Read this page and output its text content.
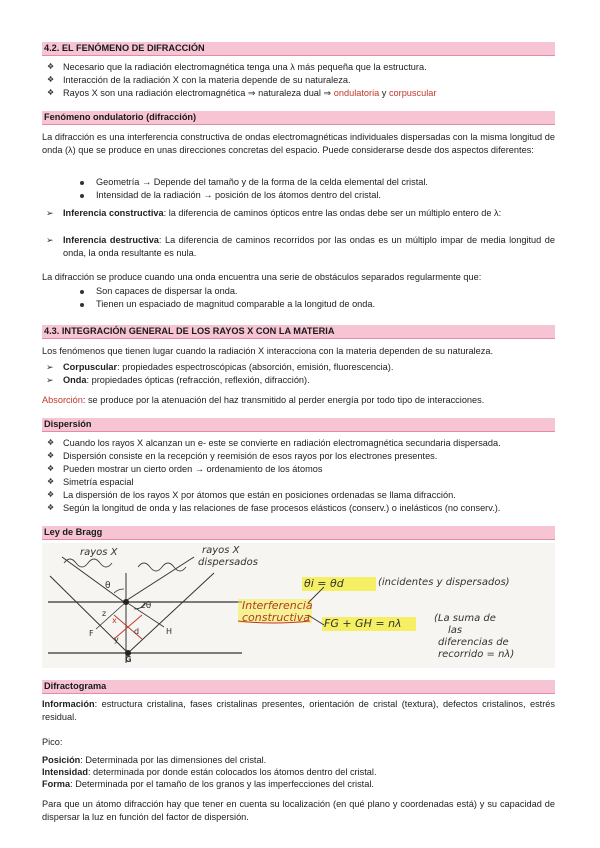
4.2. EL FENÓMENO DE DIFRACCIÓN
❖ Necesario que la radiación electromagnética tenga una λ más pequeña que la estructura.
❖ Interacción de la radiación X con la materia depende de su naturaleza.
❖ Rayos X son una radiación electromagnética ⇒ naturaleza dual ⇒ ondulatoria y corpuscular
Fenómeno ondulatorio (difracción)
La difracción es una interferencia constructiva de ondas electromagnéticas individuales dispersadas con la misma longitud de onda (λ) que se produce en unas direcciones concretas del espacio. Puede considerarse desde dos aspectos diferentes:
Geometría → Depende del tamaño y de la forma de la celda elemental del cristal.
Intensidad de la radiación → posición de los átomos dentro del cristal.
➢ Inferencia constructiva: la diferencia de caminos ópticos entre las ondas debe ser un múltiplo entero de λ:
➢ Inferencia destructiva: La diferencia de caminos recorridos por las ondas es un múltiplo impar de media longitud de onda, la onda resultante es nula.
La difracción se produce cuando una onda encuentra una serie de obstáculos separados regularmente que:
Son capaces de dispersar la onda.
Tienen un espaciado de magnitud comparable a la longitud de onda.
4.3. INTEGRACIÓN GENERAL DE LOS RAYOS X CON LA MATERIA
Los fenómenos que tienen lugar cuando la radiación X interacciona con la materia dependen de su naturaleza.
➢ Corpuscular: propiedades espectroscópicas (absorción, emisión, fluorescencia).
➢ Onda: propiedades ópticas (refracción, reflexión, difracción).
Absorción: se produce por la atenuación del haz transmitido al perder energía por todo tipo de interacciones.
Dispersión
❖ Cuando los rayos X alcanzan un e- este se convierte en radiación electromagnética secundaria dispersada.
❖ Dispersión consiste en la recepción y reemisión de esos rayos por los electrones presentes.
❖ Pueden mostrar un cierto orden → ordenamiento de los átomos
❖ Simetría espacial
❖ La dispersión de los rayos X por átomos que están en posiciones ordenadas se llama difracción.
❖ Según la longitud de onda y las relaciones de fase procesos elásticos (conserv.) o inelásticos (no conserv.).
Ley de Bragg
rayos X	rayos X
dispersados
θ
2θ
x
y
z
d
F
G
H
Interferencia
constructiva
θi = θd	(incidentes y dispersados)
FG + GH = nλ	(La suma de
las
diferencias de
recorrido = nλ)
Difractograma
Información: estructura cristalina, fases cristalinas presentes, orientación de cristal (textura), defectos cristalinos, estrés residual.
Pico:
Posición: Determinada por las dimensiones del cristal.
Intensidad: determinada por donde están colocados los átomos dentro del cristal.
Forma: Determinada por el tamaño de los granos y las imperfecciones del cristal.
Para que un átomo difracción hay que tener en cuenta su localización (en qué plano y coordenadas está) y su capacidad de dispersar la luz en función del factor de dispersión.
